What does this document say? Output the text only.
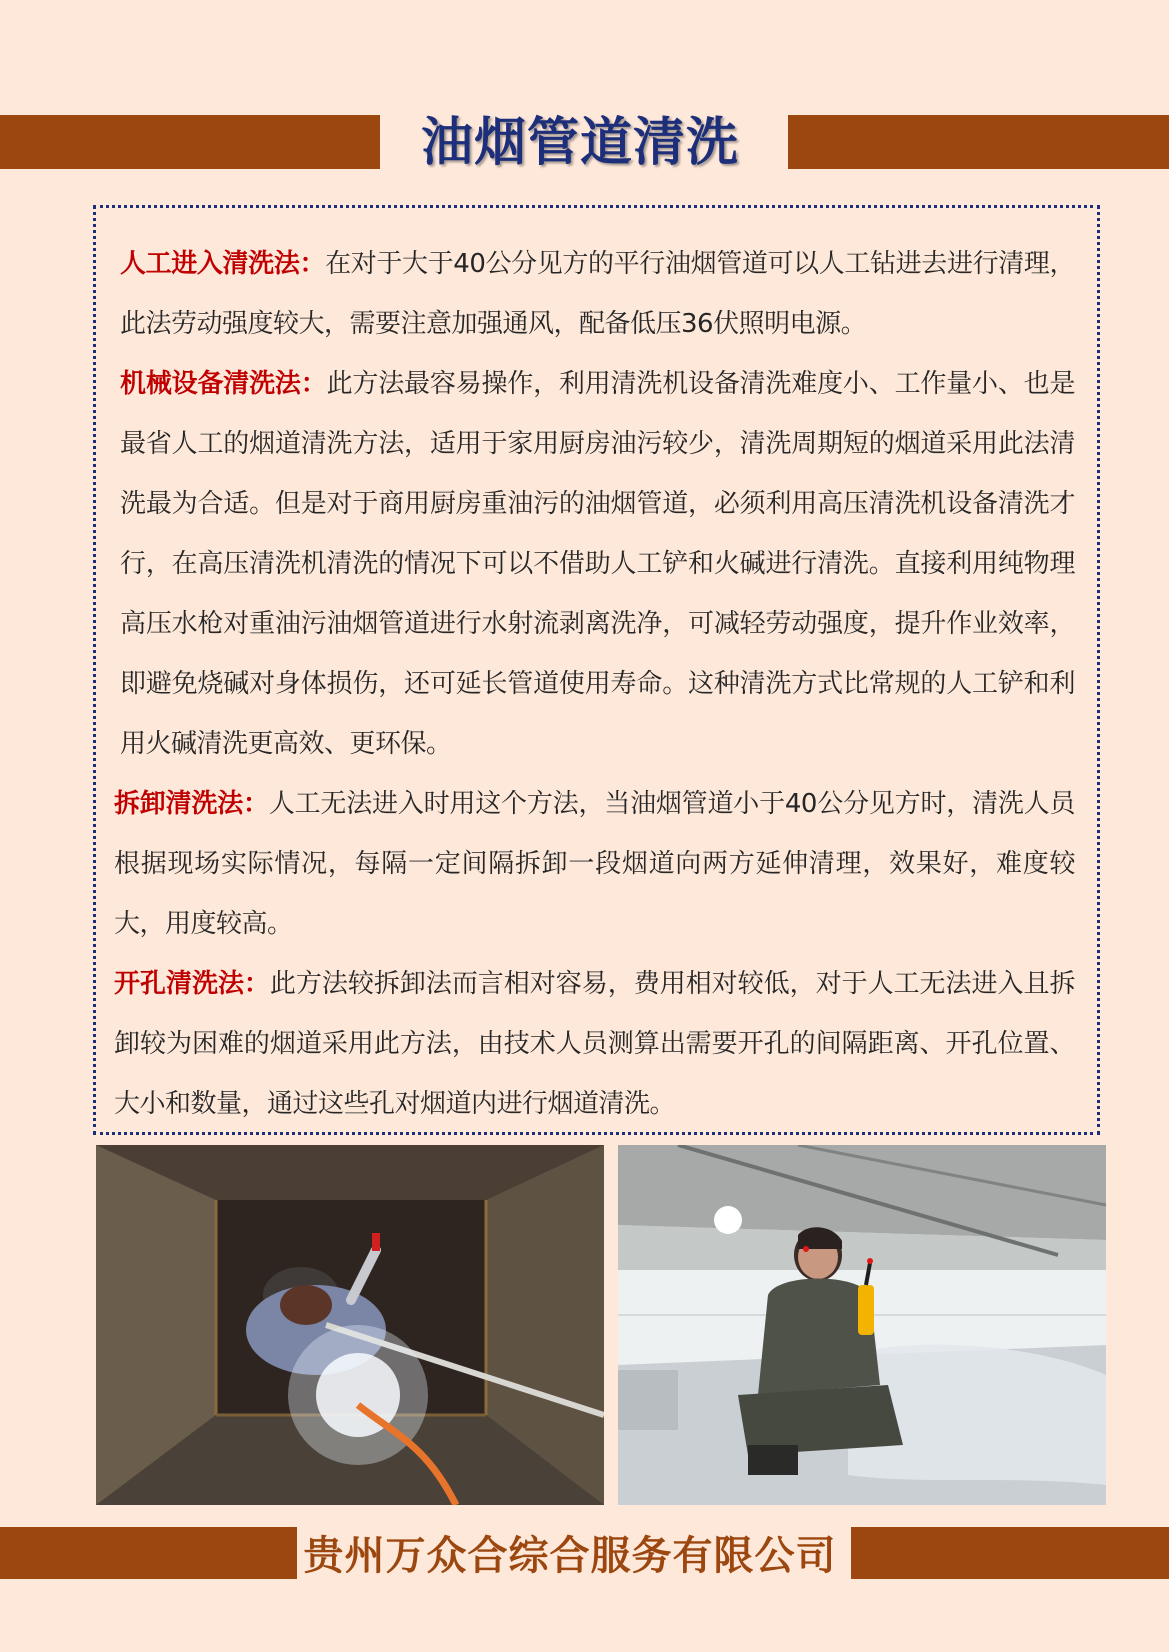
油烟管道清洗

人工进入清洗法：在对于大于40公分见方的平行油烟管道可以人工钻进去进行清理，此法劳动强度较大，需要注意加强通风，配备低压36伏照明电源。

机械设备清洗法：此方法最容易操作，利用清洗机设备清洗难度小、工作量小、也是最省人工的烟道清洗方法，适用于家用厨房油污较少，清洗周期短的烟道采用此法清洗最为合适。但是对于商用厨房重油污的油烟管道，必须利用高压清洗机设备清洗才行，在高压清洗机清洗的情况下可以不借助人工铲和火碱进行清洗。直接利用纯物理高压水枪对重油污油烟管道进行水射流剥离洗净，可减轻劳动强度，提升作业效率，即避免烧碱对身体损伤，还可延长管道使用寿命。这种清洗方式比常规的人工铲和利用火碱清洗更高效、更环保。

拆卸清洗法：人工无法进入时用这个方法，当油烟管道小于40公分见方时，清洗人员根据现场实际情况，每隔一定间隔拆卸一段烟道向两方延伸清理，效果好，难度较大，用度较高。

开孔清洗法：此方法较拆卸法而言相对容易，费用相对较低，对于人工无法进入且拆卸较为困难的烟道采用此方法，由技术人员测算出需要开孔的间隔距离、开孔位置、大小和数量，通过这些孔对烟道内进行烟道清洗。

贵州万众合综合服务有限公司
